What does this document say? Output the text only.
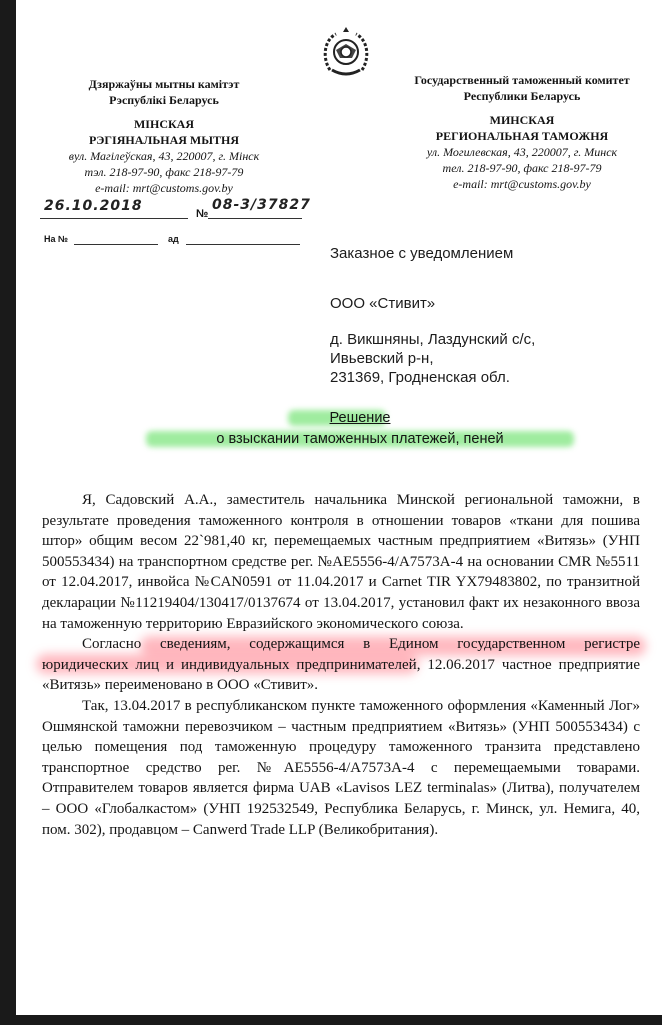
Дзяржаўны мытны камітэт
Рэспублікі Беларусь
МІНСКАЯ
РЭГІЯНАЛЬНАЯ МЫТНЯ
вул. Магілеўская, 43, 220007, г. Мінск
тэл. 218-97-90, факс 218-97-79
e-mail: mrt@customs.gov.by
Государственный таможенный комитет
Республики Беларусь
МИНСКАЯ
РЕГИОНАЛЬНАЯ ТАМОЖНЯ
ул. Могилевская, 43, 220007, г. Минск
тел. 218-97-90, факс 218-97-79
e-mail: mrt@customs.gov.by
26.10.2018	№
08-3/37827
На №	ад
Заказное с уведомлением
ООО «Стивит»
д. Викшняны, Лаздунский с/с,
Ивьевский р-н,
231369, Гродненская обл.
Решение
о взыскании таможенных платежей, пеней

Я, Садовский А.А., заместитель начальника Минской региональной таможни, в результате проведения таможенного контроля в отношении товаров «ткани для пошива штор» общим весом 22`981,40 кг, перемещаемых частным предприятием «Витязь» (УНП 500553434) на транспортном средстве рег. №AE5556-4/A7573A-4 на основании CMR №5511 от 12.04.2017, инвойса №CAN0591 от 11.04.2017 и Carnet TIR YX79483802, по транзитной декларации №11219404/130417/0137674 от 13.04.2017, установил факт их незаконного ввоза на таможенную территорию Евразийского экономического союза.

Согласно сведениям, содержащимся в Едином государственном регистре юридических лиц и индивидуальных предпринимателей, 12.06.2017 частное предприятие «Витязь» переименовано в ООО «Стивит».

Так, 13.04.2017 в республиканском пункте таможенного оформления «Каменный Лог» Ошмянской таможни перевозчиком – частным предприятием «Витязь» (УНП 500553434) с целью помещения под таможенную процедуру таможенного транзита представлено транспортное средство рег. №AE5556-4/A7573A-4 с перемещаемыми товарами. Отправителем товаров является фирма UAB «Lavisos LEZ terminalas» (Литва), получателем – ООО «Глобалкастом» (УНП 192532549, Республика Беларусь, г. Минск, ул. Немига, 40, пом. 302), продавцом – Canwerd Trade LLP (Великобритания).
